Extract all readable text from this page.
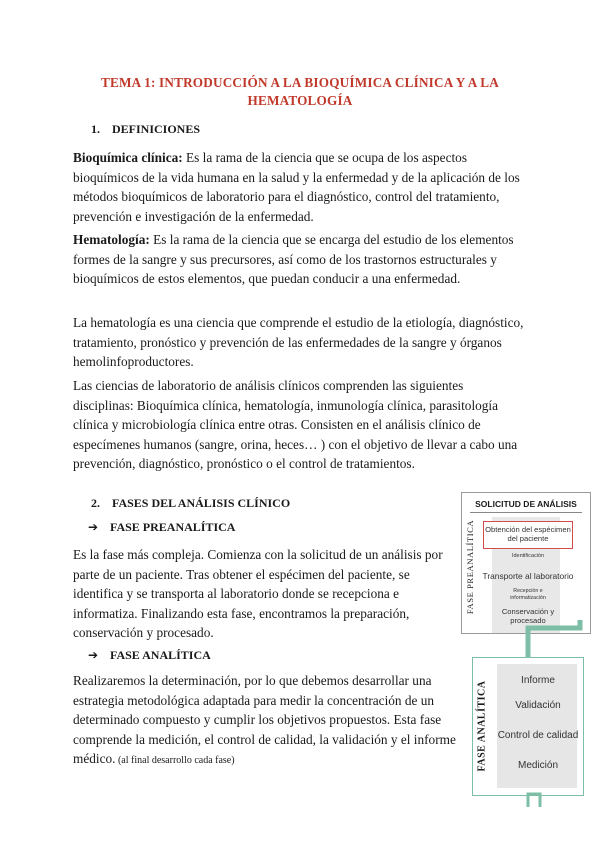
TEMA 1: INTRODUCCIÓN A LA BIOQUÍMICA CLÍNICA Y A LA
HEMATOLOGÍA
1. DEFINICIONES
Bioquímica clínica: Es la rama de la ciencia que se ocupa de los aspectos bioquímicos de la vida humana en la salud y la enfermedad y de la aplicación de los métodos bioquímicos de laboratorio para el diagnóstico, control del tratamiento, prevención e investigación de la enfermedad.
Hematología: Es la rama de la ciencia que se encarga del estudio de los elementos formes de la sangre y sus precursores, así como de los trastornos estructurales y bioquímicos de estos elementos, que puedan conducir a una enfermedad.
La hematología es una ciencia que comprende el estudio de la etiología, diagnóstico, tratamiento, pronóstico y prevención de las enfermedades de la sangre y órganos hemolinfoproductores.
Las ciencias de laboratorio de análisis clínicos comprenden las siguientes disciplinas: Bioquímica clínica, hematología, inmunología clínica, parasitología clínica y microbiología clínica entre otras. Consisten en el análisis clínico de especímenes humanos (sangre, orina, heces… ) con el objetivo de llevar a cabo una prevención, diagnóstico, pronóstico o el control de tratamientos.
2. FASES DEL ANÁLISIS CLÍNICO
➔ FASE PREANALÍTICA
Es la fase más compleja. Comienza con la solicitud de un análisis por parte de un paciente. Tras obtener el espécimen del paciente, se identifica y se transporta al laboratorio donde se recepciona e informatiza. Finalizando esta fase, encontramos la preparación, conservación y procesado.
➔ FASE ANALÍTICA
Realizaremos la determinación, por lo que debemos desarrollar una estrategia metodológica adaptada para medir la concentración de un determinado compuesto y cumplir los objetivos propuestos. Esta fase comprende la medición, el control de calidad, la validación y el informe médico. (al final desarrollo cada fase)
SOLICITUD DE ANÁLISIS
FASE PREANALÍTICA	Obtención del espécimen del paciente
Identificación
Transporte al laboratorio
Recepción e informatización
Conservación y procesado
FASE ANALÍTICA	Informe
Validación
Control de calidad
Medición
